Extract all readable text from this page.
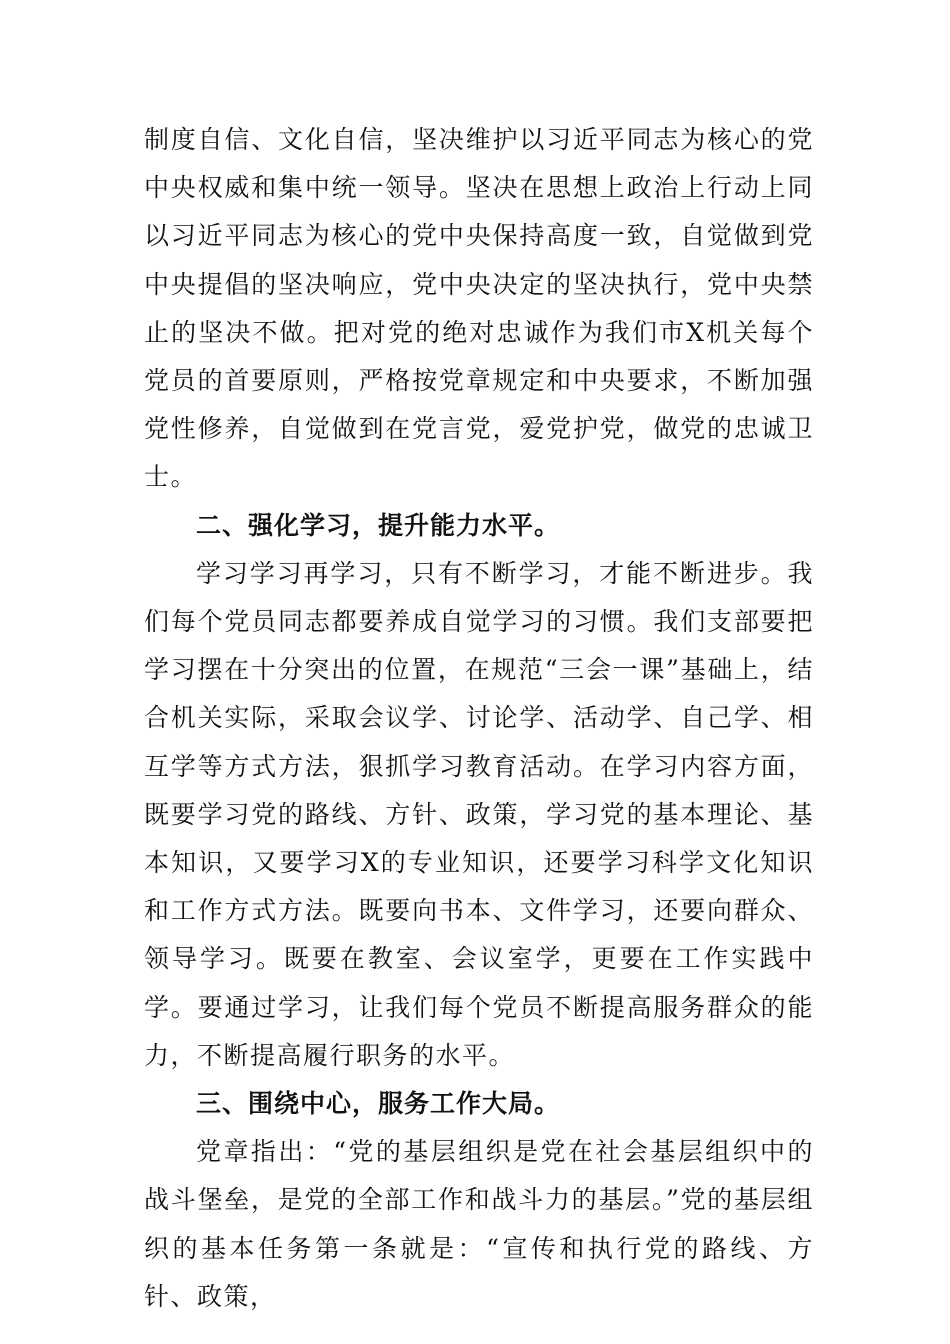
制度自信、文化自信，坚决维护以习近平同志为核心的党中央权威和集中统一领导。坚决在思想上政治上行动上同以习近平同志为核心的党中央保持高度一致，自觉做到党中央提倡的坚决响应，党中央决定的坚决执行，党中央禁止的坚决不做。把对党的绝对忠诚作为我们市X机关每个党员的首要原则，严格按党章规定和中央要求，不断加强党性修养，自觉做到在党言党，爱党护党，做党的忠诚卫士。

二、强化学习，提升能力水平。

学习学习再学习，只有不断学习，才能不断进步。我们每个党员同志都要养成自觉学习的习惯。我们支部要把学习摆在十分突出的位置，在规范“三会一课”基础上，结合机关实际，采取会议学、讨论学、活动学、自己学、相互学等方式方法，狠抓学习教育活动。在学习内容方面，既要学习党的路线、方针、政策，学习党的基本理论、基本知识，又要学习X的专业知识，还要学习科学文化知识和工作方式方法。既要向书本、文件学习，还要向群众、领导学习。既要在教室、会议室学，更要在工作实践中学。要通过学习，让我们每个党员不断提高服务群众的能力，不断提高履行职务的水平。

三、围绕中心，服务工作大局。

党章指出：“党的基层组织是党在社会基层组织中的战斗堡垒，是党的全部工作和战斗力的基层。”党的基层组织的基本任务第一条就是：“宣传和执行党的路线、方针、政策，
